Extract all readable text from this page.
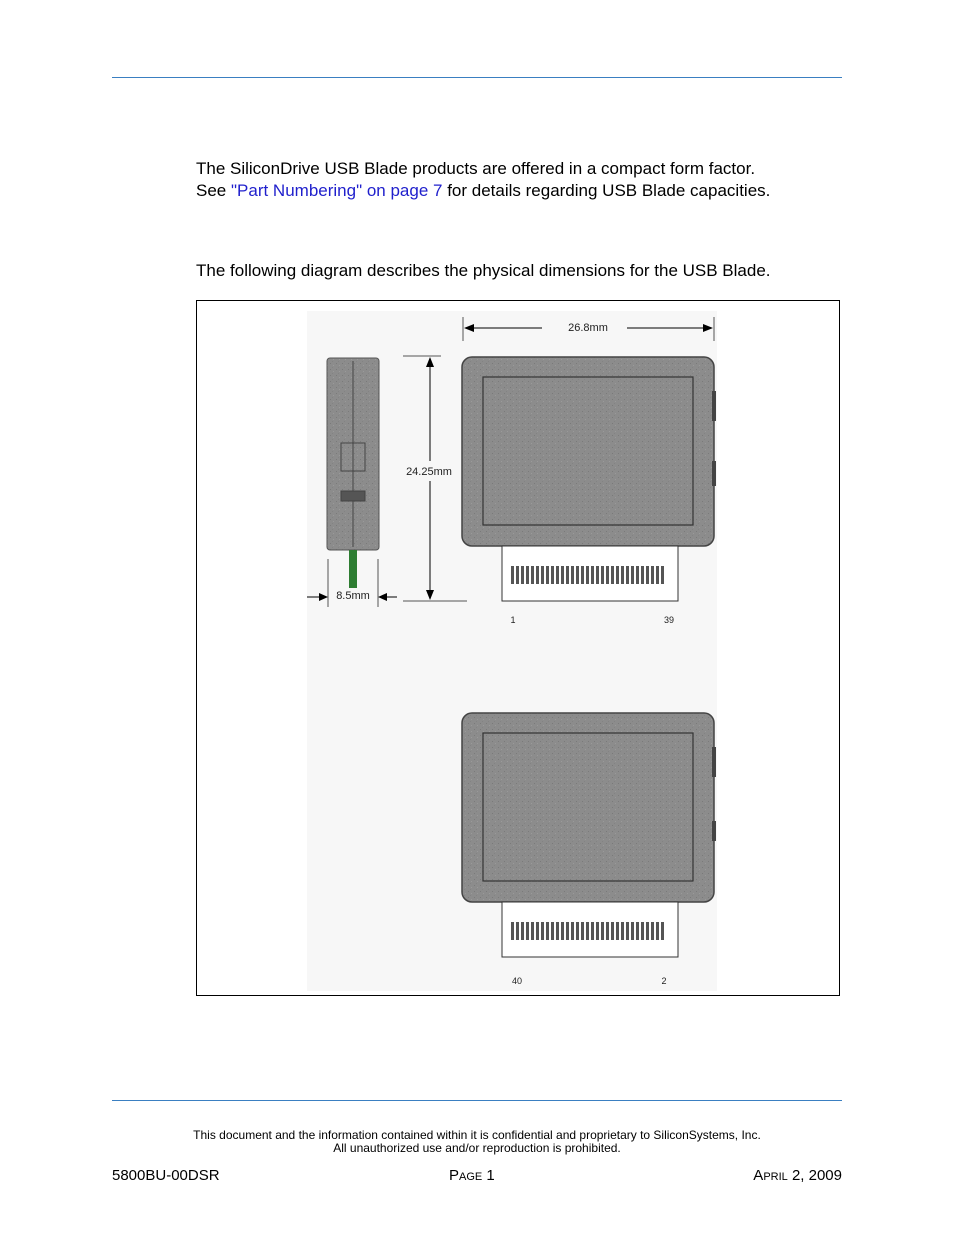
The SiliconDrive USB Blade products are offered in a compact form factor.
See "Part Numbering" on page 7 for details regarding USB Blade capacities.

The following diagram describes the physical dimensions for the USB Blade.

8.5mm
24.25mm
26.8mm
1	39
40	2
This document and the information contained within it is confidential and proprietary to SiliconSystems, Inc.
All unauthorized use and/or reproduction is prohibited.
5800BU-00DSR	PAGE 1	APRIL 2, 2009
